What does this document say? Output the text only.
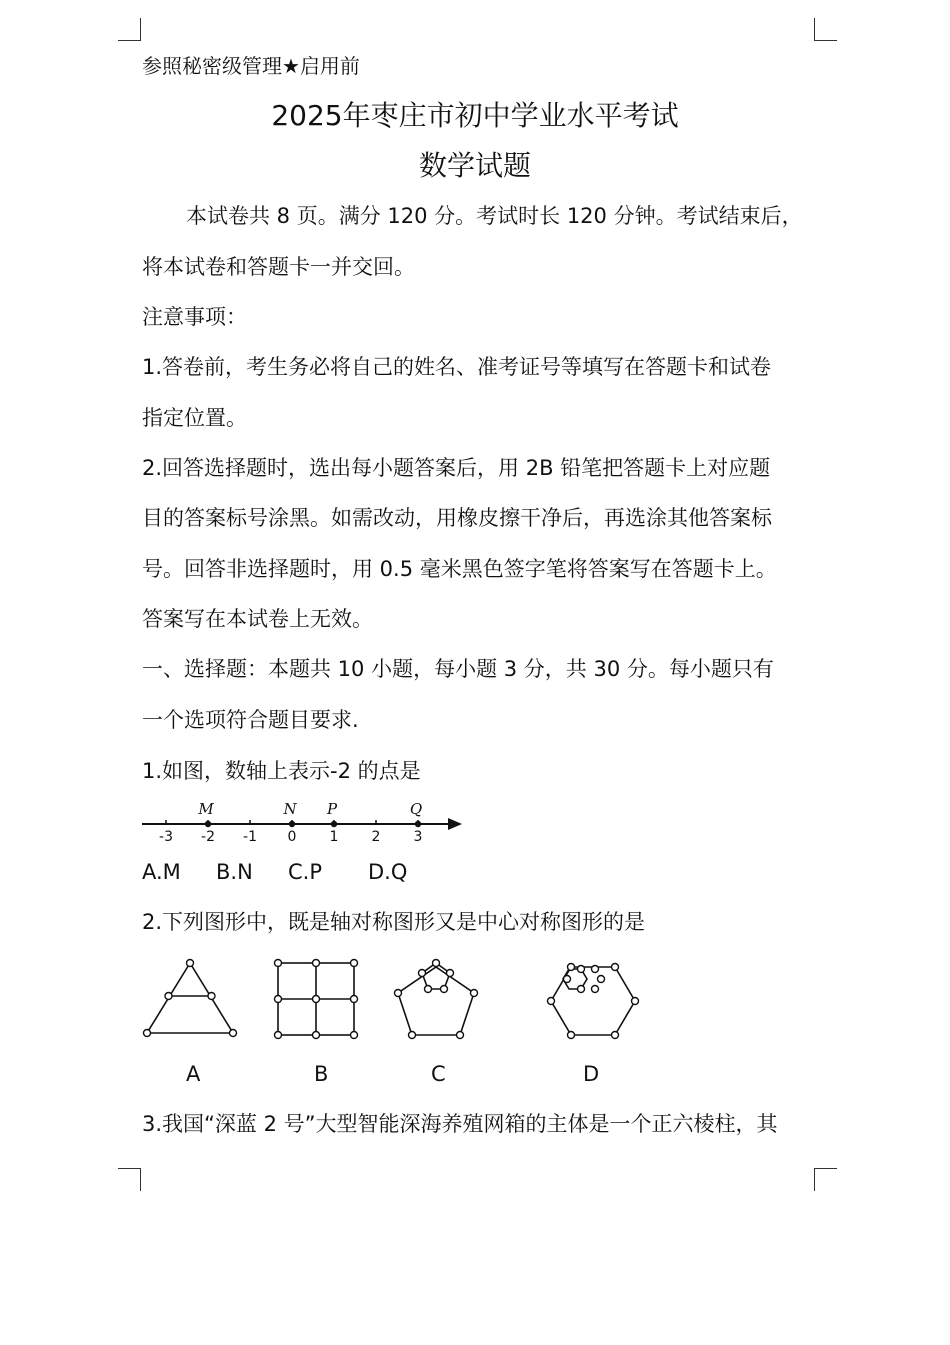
参照秘密级管理★启用前
2025年枣庄市初中学业水平考试
数学试题
本试卷共 8 页。满分 120 分。考试时长 120 分钟。考试结束后，
将本试卷和答题卡一并交回。
注意事项：
1.答卷前，考生务必将自己的姓名、准考证号等填写在答题卡和试卷
指定位置。
2.回答选择题时，选出每小题答案后，用 2B 铅笔把答题卡上对应题
目的答案标号涂黑。如需改动，用橡皮擦干净后，再选涂其他答案标
号。回答非选择题时，用 0.5 毫米黑色签字笔将答案写在答题卡上。
答案写在本试卷上无效。
一、选择题：本题共 10 小题，每小题 3 分，共 30 分。每小题只有
一个选项符合题目要求.
1.如图，数轴上表示-2 的点是
-3 -2 -1 0 1 2 3
M	N P	Q
A.M B.N C.P D.Q
2.下列图形中，既是轴对称图形又是中心对称图形的是
A	B	C	D
3.我国“深蓝 2 号”大型智能深海养殖网箱的主体是一个正六棱柱，其
